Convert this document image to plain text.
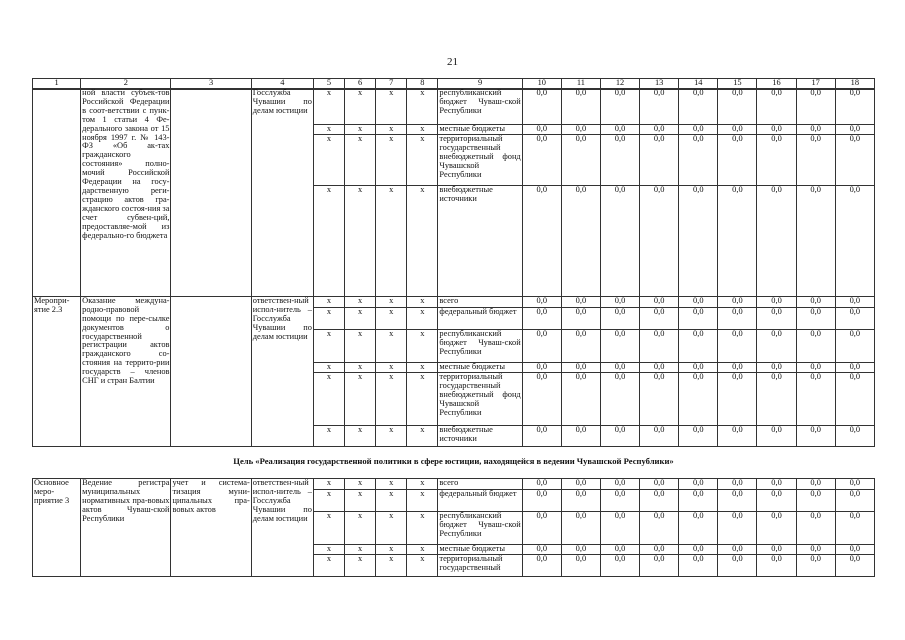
21
1	2	3	4	5	6	7	8	9	10	11	12	13	14	15	16	17	18
	ной власти субъек-тов Российской Федерации в соот-ветствии с пунк-том 1 статьи 4 Фе-дерального закона от 15 ноября 1997 г. № 143-ФЗ «Об ак-тах гражданского состояния» полно-мочий Российской Федерации на госу-дарственную реги-страцию актов гра-жданского состоя-ния за счет субвен-ций, предоставляе-мой из федерально-го бюджета		Госслужба Чувашии по делам юстиции	x	x	x	x	республиканский бюджет Чуваш-ской Республики	0,0	0,0	0,0	0,0	0,0	0,0	0,0	0,0	0,0
				x	x	x	x	местные бюджеты	0,0	0,0	0,0	0,0	0,0	0,0	0,0	0,0	0,0
				x	x	x	x	территориальный государственный внебюджетный фонд Чувашской Республики	0,0	0,0	0,0	0,0	0,0	0,0	0,0	0,0	0,0
				x	x	x	x	внебюджетные источники	0,0	0,0	0,0	0,0	0,0	0,0	0,0	0,0	0,0
Меропри-ятие 2.3	Оказание междуна-родно-правовой помощи по пере-сылке документов о государственной регистрации актов гражданского со-стояния на террито-рии государств – членов СНГ и стран Балтии		ответствен-ный испол-нитель – Госслужба Чувашии по делам юстиции	x	x	x	x	всего	0,0	0,0	0,0	0,0	0,0	0,0	0,0	0,0	0,0
				x	x	x	x	федеральный бюджет	0,0	0,0	0,0	0,0	0,0	0,0	0,0	0,0	0,0
				x	x	x	x	республиканский бюджет Чуваш-ской Республики	0,0	0,0	0,0	0,0	0,0	0,0	0,0	0,0	0,0
				x	x	x	x	местные бюджеты	0,0	0,0	0,0	0,0	0,0	0,0	0,0	0,0	0,0
				x	x	x	x	территориальный государственный внебюджетный фонд Чувашской Республики	0,0	0,0	0,0	0,0	0,0	0,0	0,0	0,0	0,0
				x	x	x	x	внебюджетные источники	0,0	0,0	0,0	0,0	0,0	0,0	0,0	0,0	0,0
Цель «Реализация государственной политики в сфере юстиции, находящейся в ведении Чувашской Республики»
Основное меро-приятие 3	Ведение регистра муниципальных нормативных пра-вовых актов Чуваш-ской Республики	учет и система-тизация муни-ципальных пра-вовых актов	ответствен-ный испол-нитель – Госслужба Чувашии по делам юстиции	x	x	x	x	всего	0,0	0,0	0,0	0,0	0,0	0,0	0,0	0,0	0,0
				x	x	x	x	федеральный бюджет	0,0	0,0	0,0	0,0	0,0	0,0	0,0	0,0	0,0
				x	x	x	x	республиканский бюджет Чуваш-ской Республики	0,0	0,0	0,0	0,0	0,0	0,0	0,0	0,0	0,0
				x	x	x	x	местные бюджеты	0,0	0,0	0,0	0,0	0,0	0,0	0,0	0,0	0,0
				x	x	x	x	территориальный государственный	0,0	0,0	0,0	0,0	0,0	0,0	0,0	0,0	0,0
